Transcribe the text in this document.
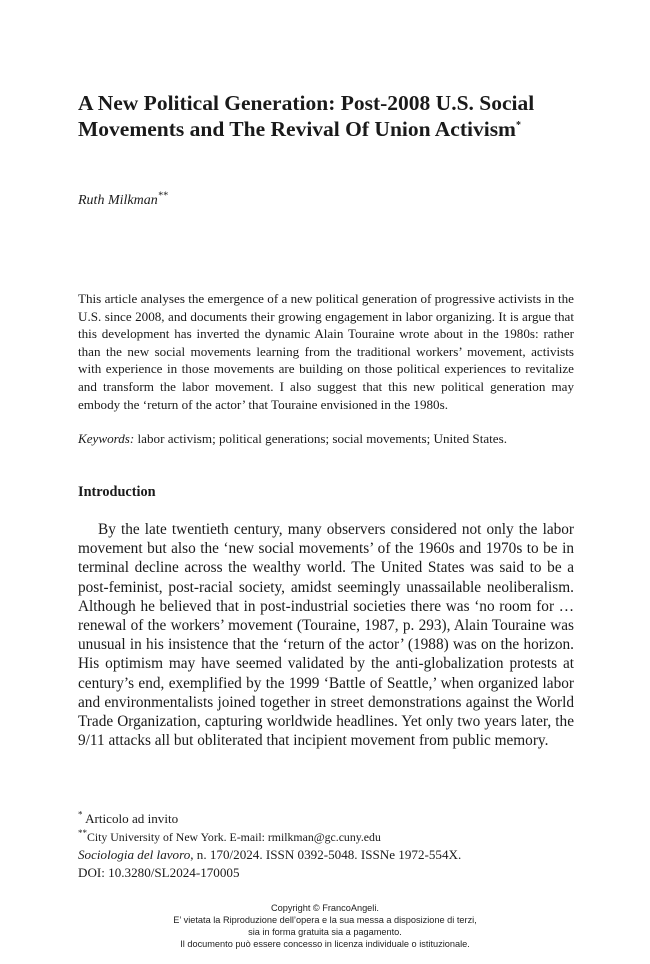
A New Political Generation: Post-2008 U.S. Social Movements and The Revival Of Union Activism*
Ruth Milkman**

This article analyses the emergence of a new political generation of progressive activists in the U.S. since 2008, and documents their growing engagement in labor organizing. It is argue that this development has inverted the dynamic Alain Touraine wrote about in the 1980s: rather than the new social movements learning from the traditional workers’ movement, activists with experience in those movements are building on those political experiences to revitalize and transform the labor movement. I also suggest that this new political generation may embody the ‘return of the actor’ that Touraine envisioned in the 1980s.

Keywords: labor activism; political generations; social movements; United States.
Introduction

By the late twentieth century, many observers considered not only the labor movement but also the ‘new social movements’ of the 1960s and 1970s to be in terminal decline across the wealthy world. The United States was said to be a post-feminist, post-racial society, amidst seemingly unassailable neoliberalism. Although he believed that in post-industrial societies there was ‘no room for … renewal of the workers’ movement (Touraine, 1987, p. 293), Alain Touraine was unusual in his insistence that the ‘return of the actor’ (1988) was on the horizon. His optimism may have seemed validated by the anti-globalization protests at century’s end, exemplified by the 1999 ‘Battle of Seattle,’ when organized labor and environmentalists joined together in street demonstrations against the World Trade Organization, capturing worldwide headlines. Yet only two years later, the 9/11 attacks all but obliterated that incipient movement from public memory.

* Articolo ad invito
**City University of New York. E-mail: rmilkman@gc.cuny.edu
Sociologia del lavoro, n. 170/2024. ISSN 0392-5048. ISSNe 1972-554X.
DOI: 10.3280/SL2024-170005
Copyright © FrancoAngeli.
E’ vietata la Riproduzione dell’opera e la sua messa a disposizione di terzi,
sia in forma gratuita sia a pagamento.
Il documento può essere concesso in licenza individuale o istituzionale.
